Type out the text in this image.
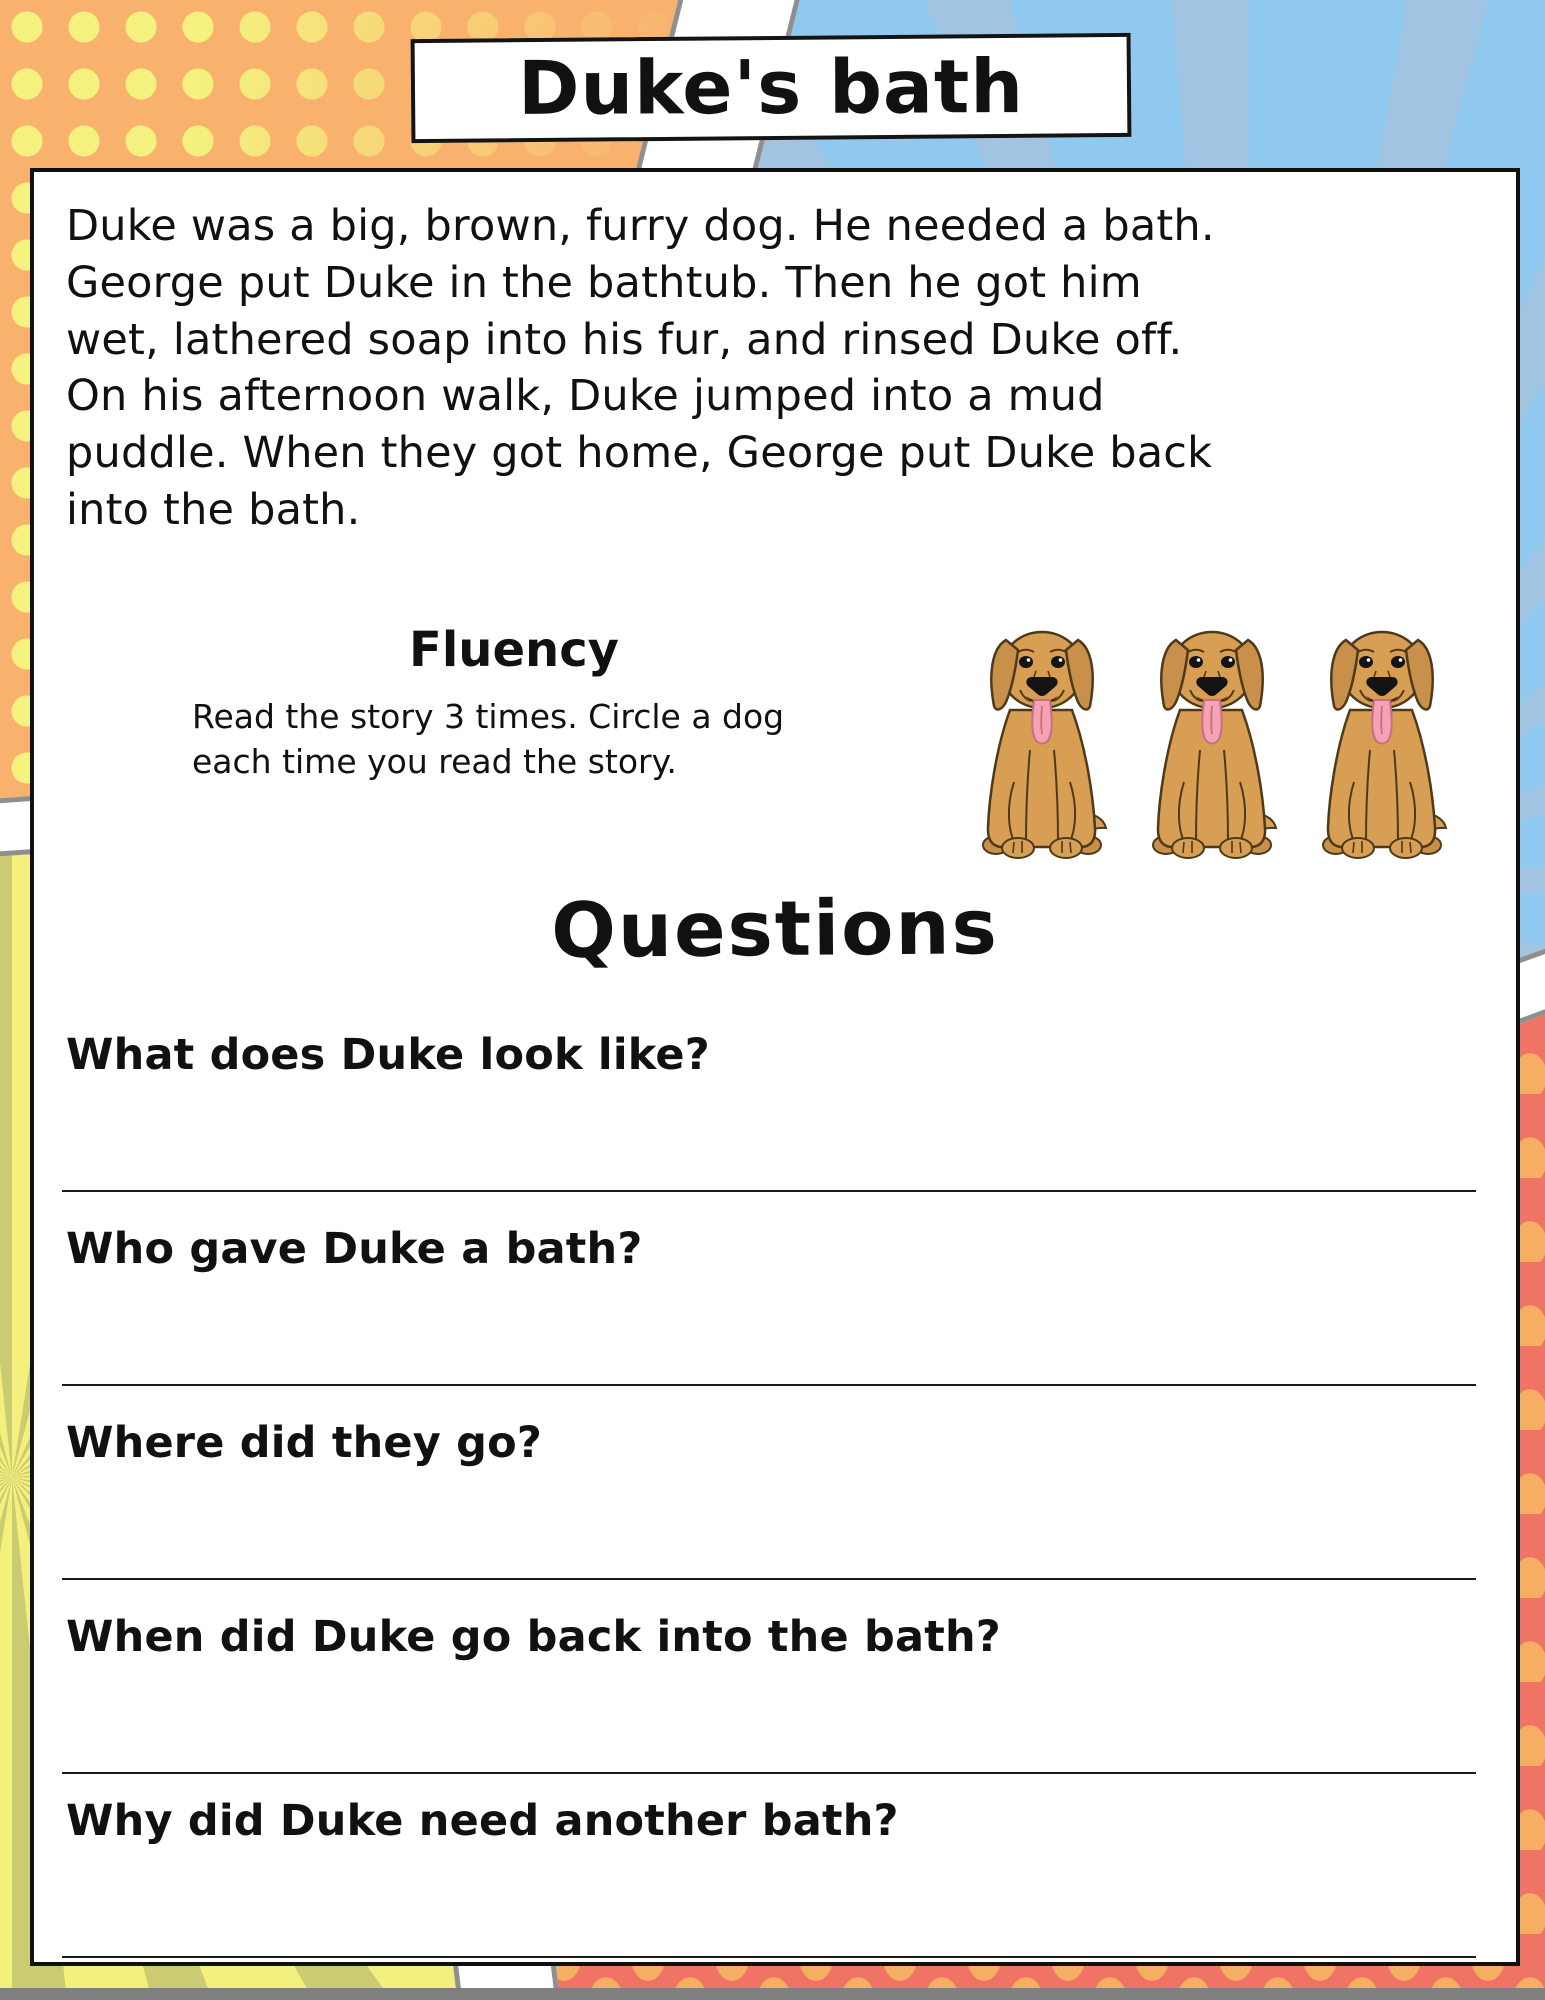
Duke's bath

Duke was a big, brown, furry dog. He needed a bath. George put Duke in the bathtub. Then he got him wet, lathered soap into his fur, and rinsed Duke off. On his afternoon walk, Duke jumped into a mud puddle. When they got home, George put Duke back into the bath.

Fluency
Read the story 3 times. Circle a dog each time you read the story.
Questions
What does Duke look like?
Who gave Duke a bath?
Where did they go?
When did Duke go back into the bath?
Why did Duke need another bath?
